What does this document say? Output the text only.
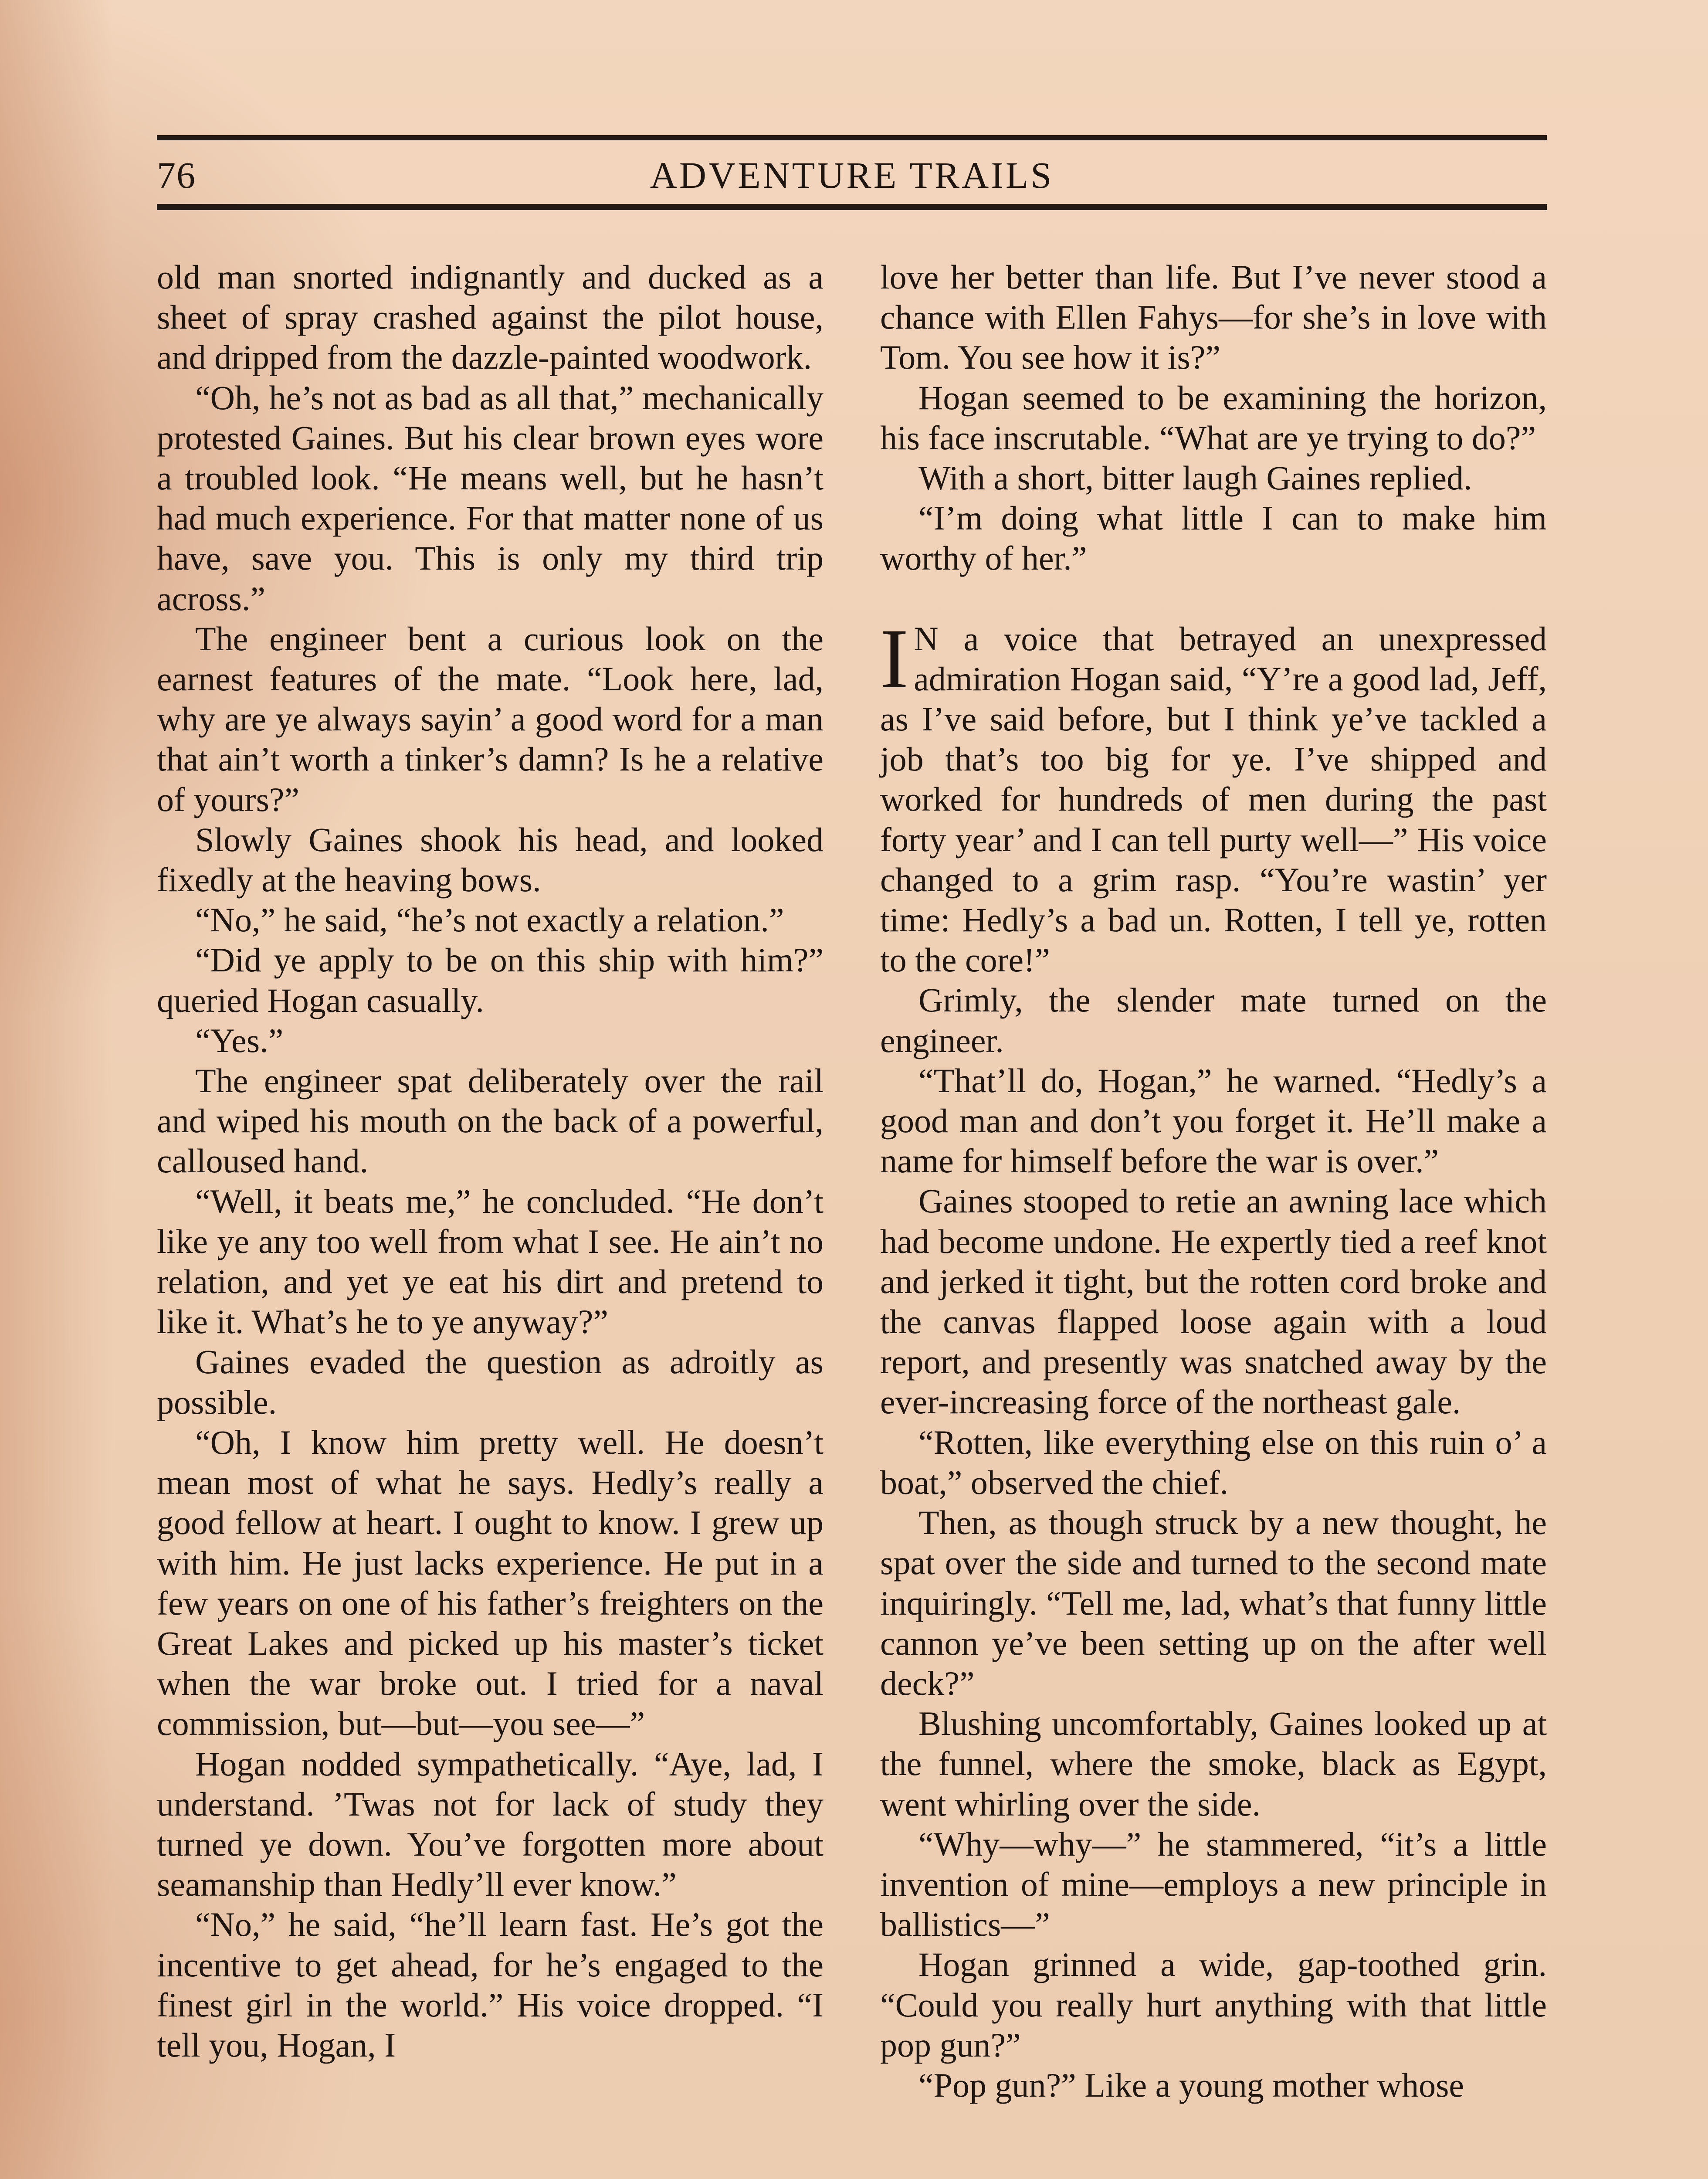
76	ADVENTURE TRAILS

old man snorted indignantly and ducked as a sheet of spray crashed against the pilot house, and dripped from the dazzle-painted woodwork.

“Oh, he’s not as bad as all that,” mechanically protested Gaines. But his clear brown eyes wore a troubled look. “He means well, but he hasn’t had much experience. For that matter none of us have, save you. This is only my third trip across.”

The engineer bent a curious look on the earnest features of the mate. “Look here, lad, why are ye always sayin’ a good word for a man that ain’t worth a tinker’s damn? Is he a relative of yours?”

Slowly Gaines shook his head, and looked fixedly at the heaving bows.

“No,” he said, “he’s not exactly a relation.”

“Did ye apply to be on this ship with him?” queried Hogan casually.

“Yes.”

The engineer spat deliberately over the rail and wiped his mouth on the back of a powerful, calloused hand.

“Well, it beats me,” he concluded. “He don’t like ye any too well from what I see. He ain’t no relation, and yet ye eat his dirt and pretend to like it. What’s he to ye anyway?”

Gaines evaded the question as adroitly as possible.

“Oh, I know him pretty well. He doesn’t mean most of what he says. Hedly’s really a good fellow at heart. I ought to know. I grew up with him. He just lacks experience. He put in a few years on one of his father’s freighters on the Great Lakes and picked up his master’s ticket when the war broke out. I tried for a naval commission, but—but—you see—”

Hogan nodded sympathetically. “Aye, lad, I understand. ’Twas not for lack of study they turned ye down. You’ve forgotten more about seamanship than Hedly’ll ever know.”

“No,” he said, “he’ll learn fast. He’s got the incentive to get ahead, for he’s engaged to the finest girl in the world.” His voice dropped. “I tell you, Hogan, I

love her better than life. But I’ve never stood a chance with Ellen Fahys—for she’s in love with Tom. You see how it is?”

Hogan seemed to be examining the horizon, his face inscrutable. “What are ye trying to do?”

With a short, bitter laugh Gaines replied.

“I’m doing what little I can to make him worthy of her.”

I N a voice that betrayed an unexpressed admiration Hogan said, “Y’re a good lad, Jeff, as I’ve said before, but I think ye’ve tackled a job that’s too big for ye. I’ve shipped and worked for hundreds of men during the past forty year’ and I can tell purty well—” His voice changed to a grim rasp. “You’re wastin’ yer time: Hedly’s a bad un. Rotten, I tell ye, rotten to the core!”

Grimly, the slender mate turned on the engineer.

“That’ll do, Hogan,” he warned. “Hedly’s a good man and don’t you forget it. He’ll make a name for himself before the war is over.”

Gaines stooped to retie an awning lace which had become undone. He expertly tied a reef knot and jerked it tight, but the rotten cord broke and the canvas flapped loose again with a loud report, and presently was snatched away by the ever-increasing force of the northeast gale.

“Rotten, like everything else on this ruin o’ a boat,” observed the chief.

Then, as though struck by a new thought, he spat over the side and turned to the second mate inquiringly. “Tell me, lad, what’s that funny little cannon ye’ve been setting up on the after well deck?”

Blushing uncomfortably, Gaines looked up at the funnel, where the smoke, black as Egypt, went whirling over the side.

“Why—why—” he stammered, “it’s a little invention of mine—employs a new principle in ballistics—”

Hogan grinned a wide, gap-toothed grin. “Could you really hurt anything with that little pop gun?”

“Pop gun?” Like a young mother whose
